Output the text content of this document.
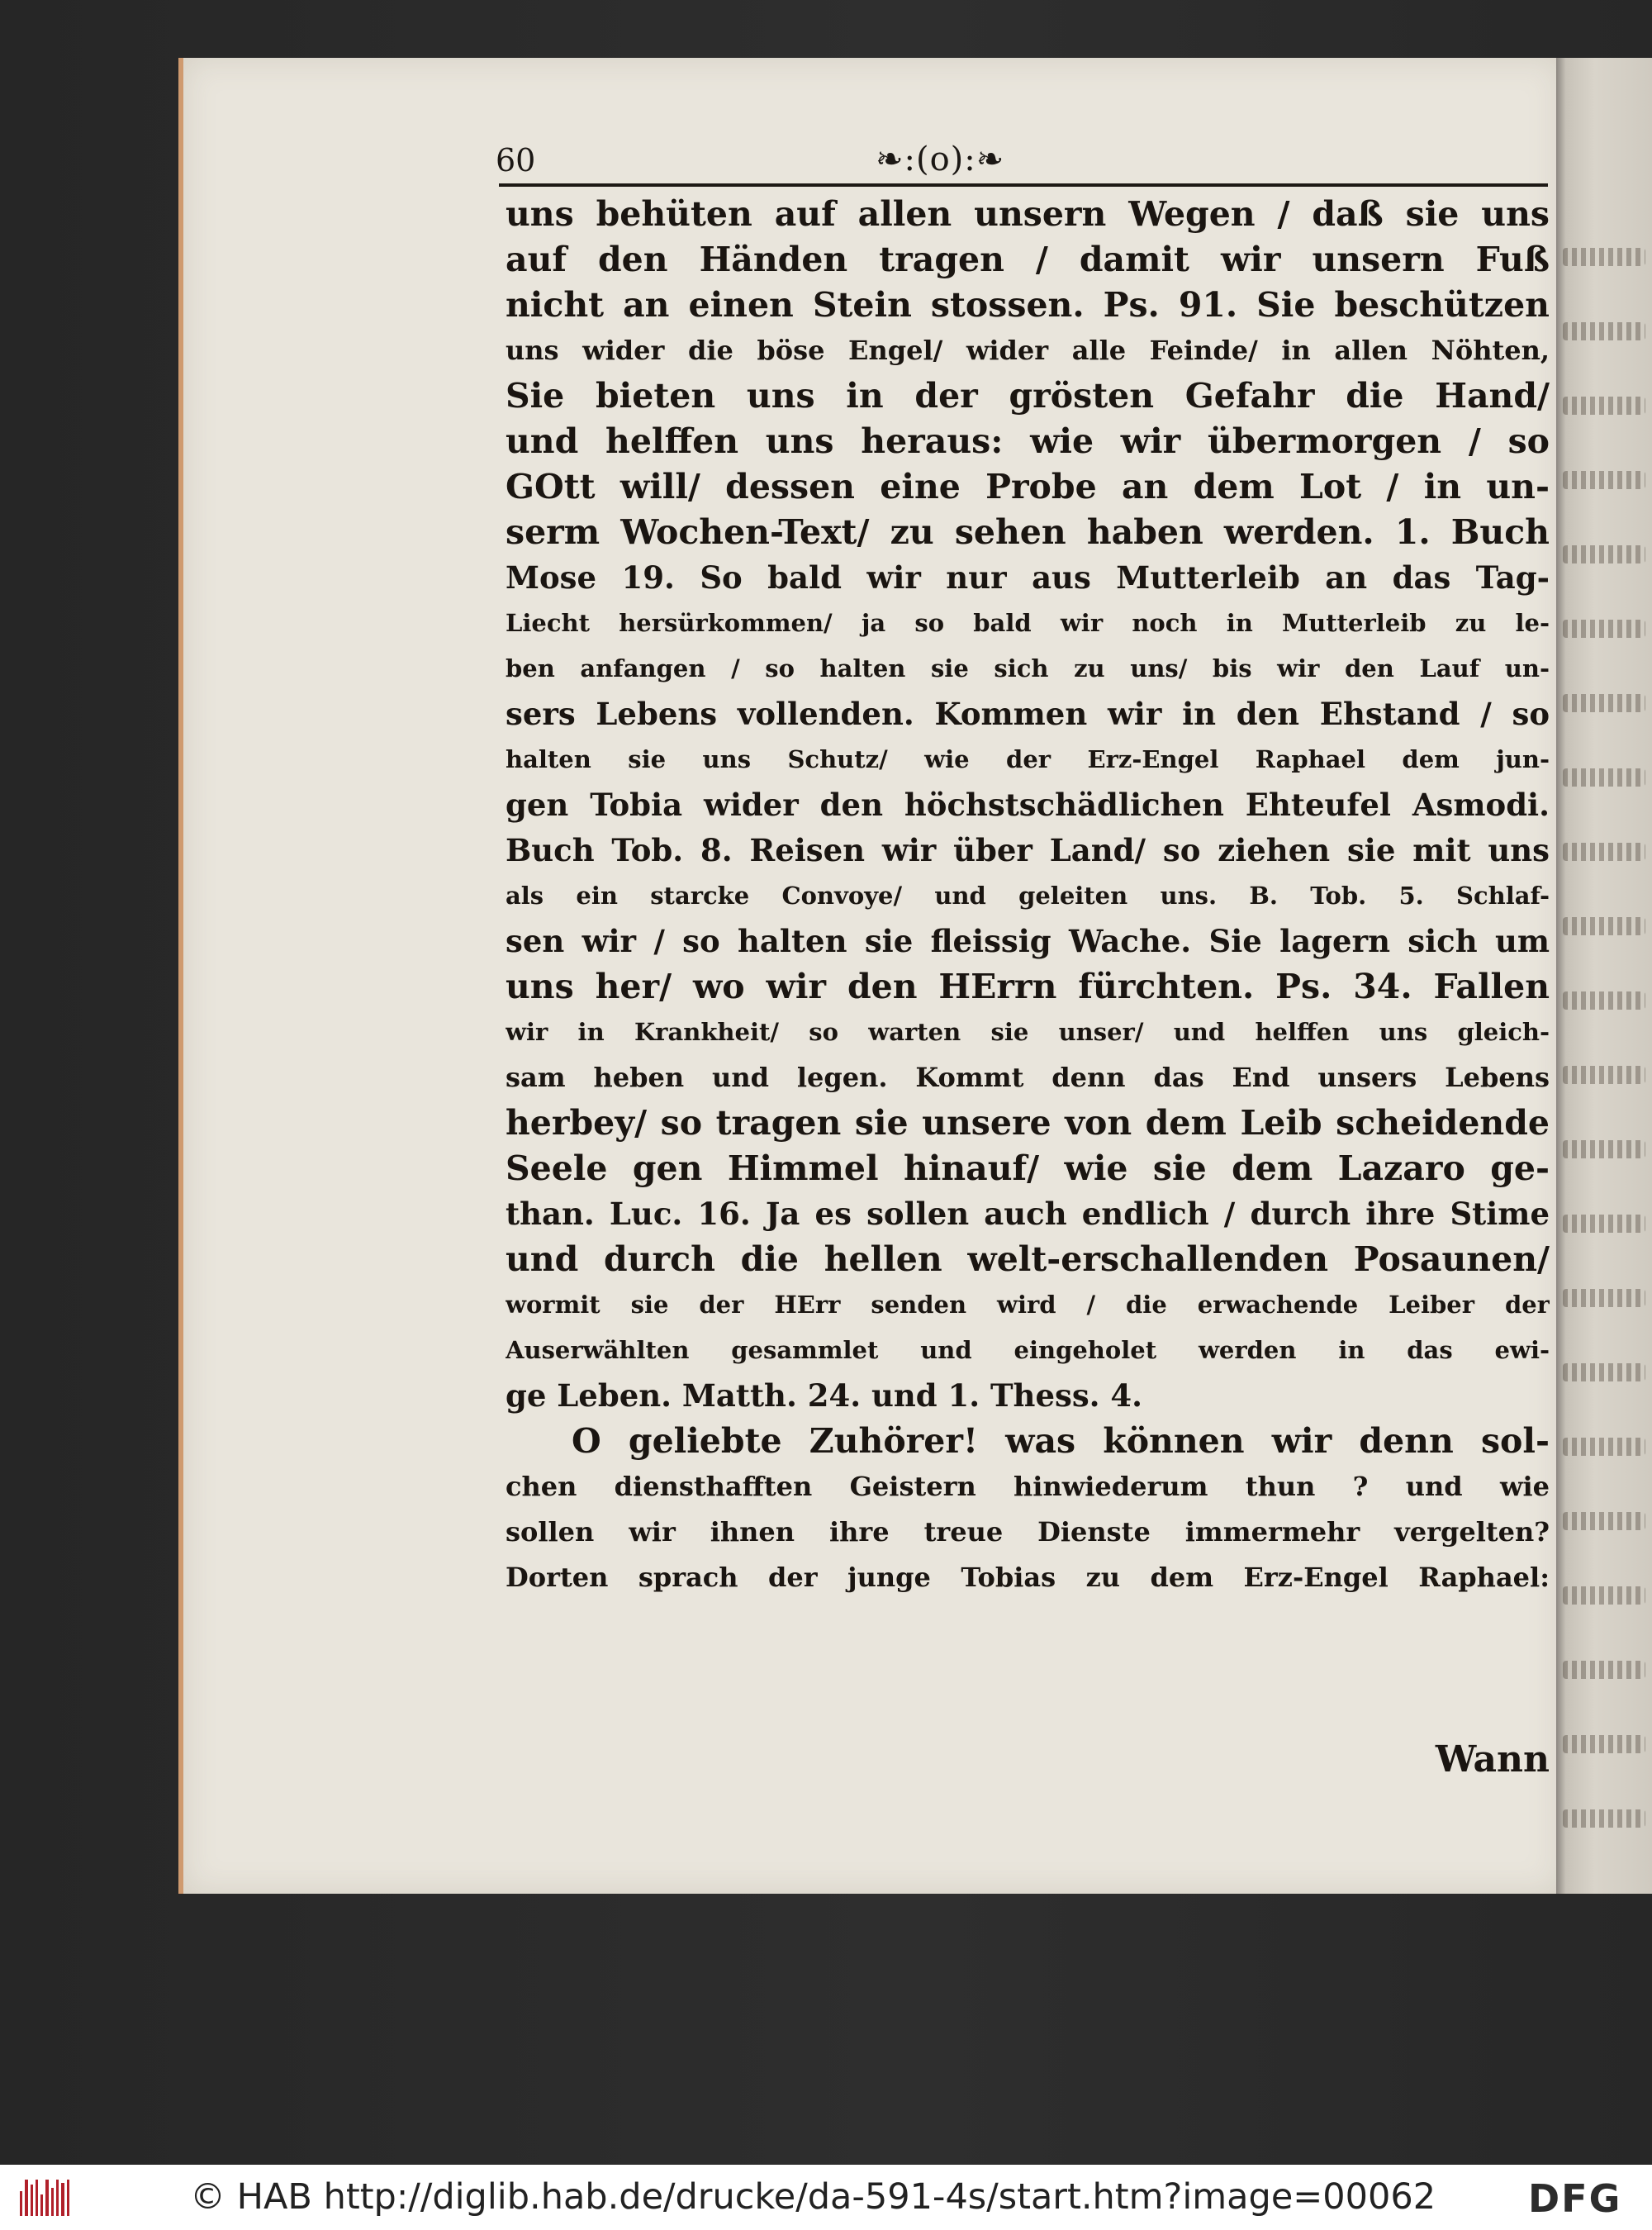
60	❧:(o):❧
uns behüten auf allen unsern Wegen / daß sie uns
auf den Händen tragen / damit wir unsern Fuß
nicht an einen Stein stossen. Ps. 91. Sie beschützen
uns wider die böse Engel/ wider alle Feinde/ in allen Nöhten,
Sie bieten uns in der grösten Gefahr die Hand/
und helffen uns heraus: wie wir übermorgen / so
GOtt will/ dessen eine Probe an dem Lot / in un-
serm Wochen-Text/ zu sehen haben werden. 1. Buch
Mose 19. So bald wir nur aus Mutterleib an das Tag-
Liecht hersürkommen/ ja so bald wir noch in Mutterleib zu le-
ben anfangen / so halten sie sich zu uns/ bis wir den Lauf un-
sers Lebens vollenden. Kommen wir in den Ehstand / so
halten sie uns Schutz/ wie der Erz-Engel Raphael dem jun-
gen Tobia wider den höchstschädlichen Ehteufel Asmodi.
Buch Tob. 8. Reisen wir über Land/ so ziehen sie mit uns
als ein starcke Convoye/ und geleiten uns. B. Tob. 5. Schlaf-
sen wir / so halten sie fleissig Wache. Sie lagern sich um
uns her/ wo wir den HErrn fürchten. Ps. 34. Fallen
wir in Krankheit/ so warten sie unser/ und helffen uns gleich-
sam heben und legen. Kommt denn das End unsers Lebens
herbey/ so tragen sie unsere von dem Leib scheidende
Seele gen Himmel hinauf/ wie sie dem Lazaro ge-
than. Luc. 16. Ja es sollen auch endlich / durch ihre Stime
und durch die hellen welt-erschallenden Posaunen/
wormit sie der HErr senden wird / die erwachende Leiber der
Auserwählten gesammlet und eingeholet werden in das ewi-
ge Leben. Matth. 24. und 1. Thess. 4.
O geliebte Zuhörer! was können wir denn sol-
chen diensthafften Geistern hinwiederum thun ? und wie
sollen wir ihnen ihre treue Dienste immermehr vergelten?
Dorten sprach der junge Tobias zu dem Erz-Engel Raphael:
Wann
© HAB http://diglib.hab.de/drucke/da-591-4s/start.htm?image=00062 DFG
